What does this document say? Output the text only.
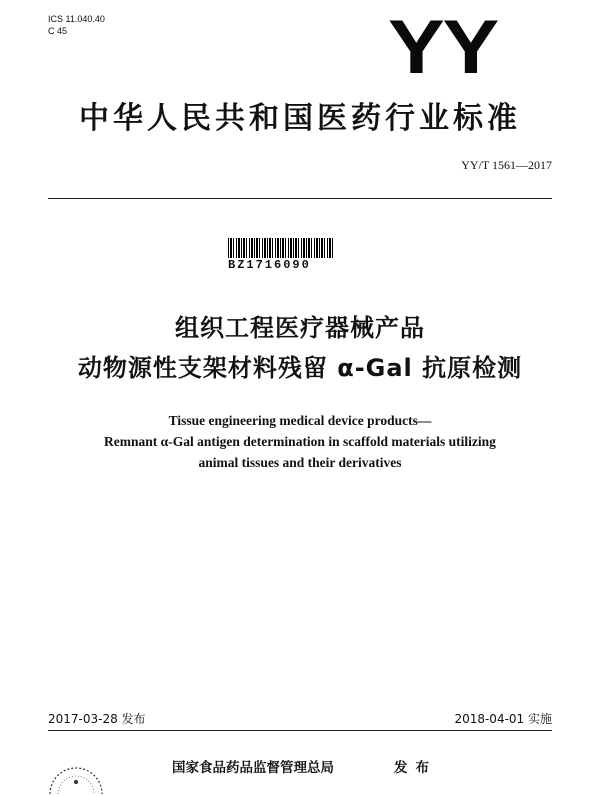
ICS 11.040.40
C 45	YY
中华人民共和国医药行业标准
YY/T 1561—2017
BZ1716090
组织工程医疗器械产品
动物源性支架材料残留 α-Gal 抗原检测
Tissue engineering medical device products—
Remnant α-Gal antigen determination in scaffold materials utilizing
animal tissues and their derivatives
2017-03-28 发布	2018-04-01 实施
国家食品药品监督管理总局	发布
